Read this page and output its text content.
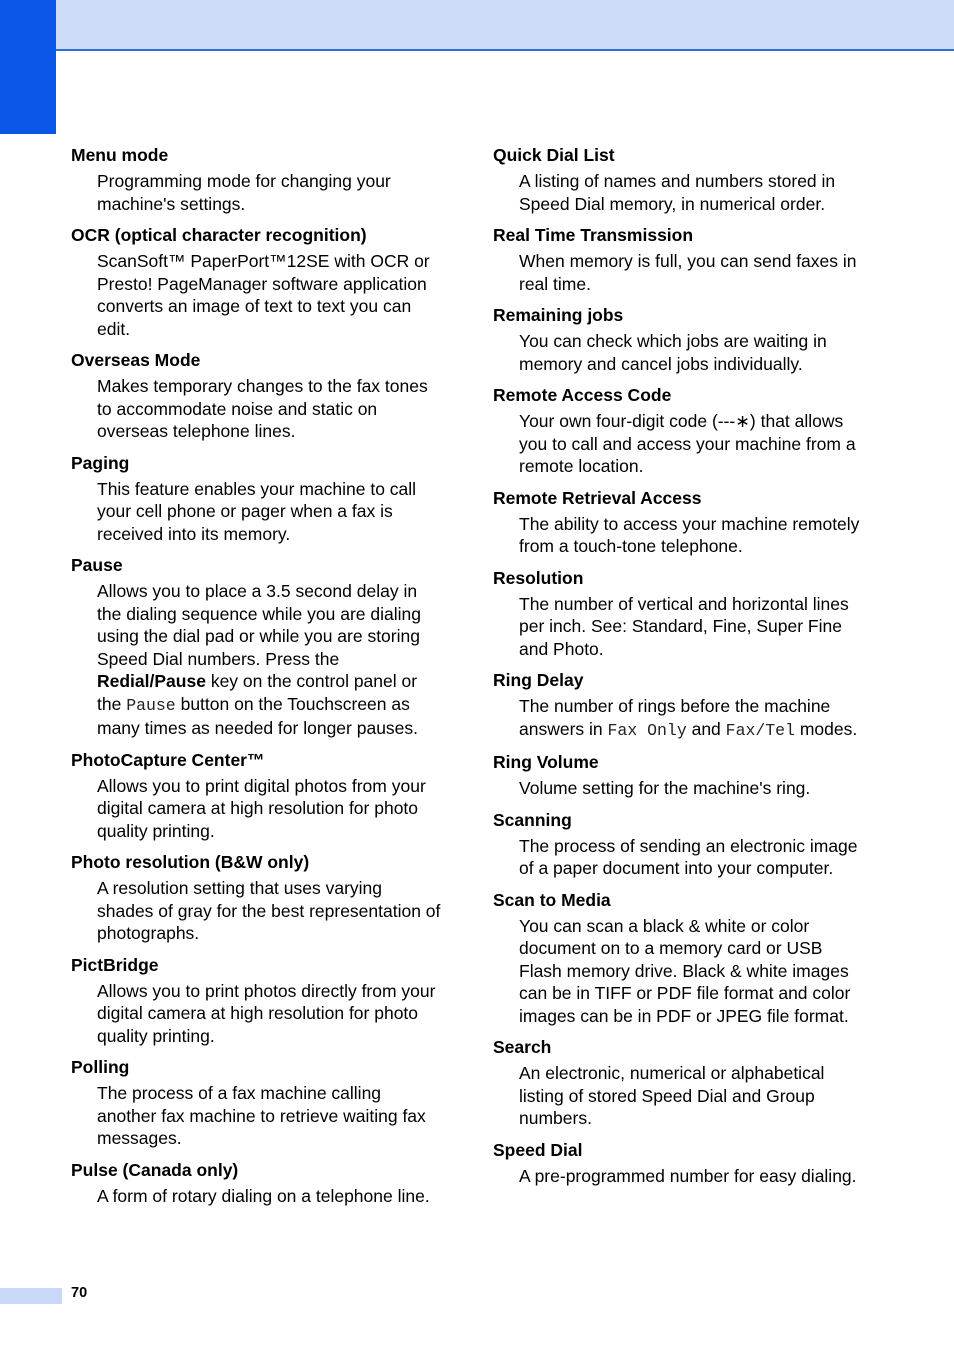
Menu mode

Programming mode for changing your machine's settings.

OCR (optical character recognition)

ScanSoft™ PaperPort™12SE with OCR or Presto! PageManager software application converts an image of text to text you can edit.

Overseas Mode

Makes temporary changes to the fax tones to accommodate noise and static on overseas telephone lines.

Paging

This feature enables your machine to call your cell phone or pager when a fax is received into its memory.

Pause

Allows you to place a 3.5 second delay in the dialing sequence while you are dialing using the dial pad or while you are storing Speed Dial numbers. Press the Redial/Pause key on the control panel or the Pause button on the Touchscreen as many times as needed for longer pauses.

PhotoCapture Center™

Allows you to print digital photos from your digital camera at high resolution for photo quality printing.

Photo resolution (B&W only)

A resolution setting that uses varying shades of gray for the best representation of photographs.

PictBridge

Allows you to print photos directly from your digital camera at high resolution for photo quality printing.

Polling

The process of a fax machine calling another fax machine to retrieve waiting fax messages.

Pulse (Canada only)

A form of rotary dialing on a telephone line.

Quick Dial List

A listing of names and numbers stored in Speed Dial memory, in numerical order.

Real Time Transmission

When memory is full, you can send faxes in real time.

Remaining jobs

You can check which jobs are waiting in memory and cancel jobs individually.

Remote Access Code

Your own four-digit code (---∗) that allows you to call and access your machine from a remote location.

Remote Retrieval Access

The ability to access your machine remotely from a touch-tone telephone.

Resolution

The number of vertical and horizontal lines per inch. See: Standard, Fine, Super Fine and Photo.

Ring Delay

The number of rings before the machine answers in Fax Only and Fax/Tel modes.

Ring Volume

Volume setting for the machine's ring.

Scanning

The process of sending an electronic image of a paper document into your computer.

Scan to Media

You can scan a black & white or color document on to a memory card or USB Flash memory drive. Black & white images can be in TIFF or PDF file format and color images can be in PDF or JPEG file format.

Search

An electronic, numerical or alphabetical listing of stored Speed Dial and Group numbers.

Speed Dial

A pre-programmed number for easy dialing.

70
